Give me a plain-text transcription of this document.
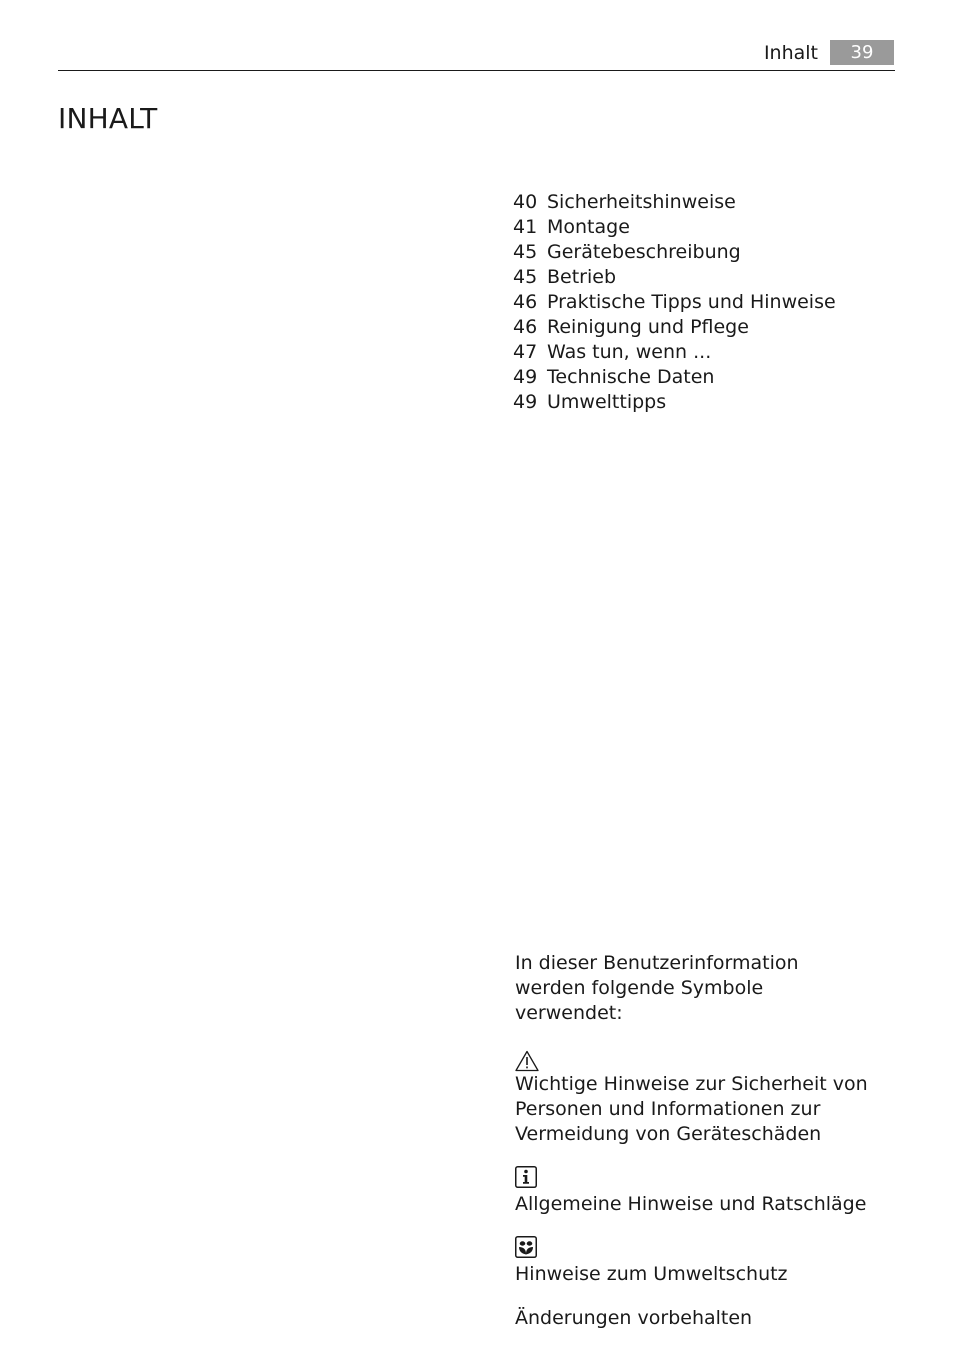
Inhalt	39
INHALT
40 Sicherheitshinweise
41 Montage
45 Gerätebeschreibung
45 Betrieb
46 Praktische Tipps und Hinweise
46 Reinigung und Pflege
47 Was tun, wenn ...
49 Technische Daten
49 Umwelttipps

In dieser Benutzerinformation werden folgende Symbole verwendet:

Wichtige Hinweise zur Sicherheit von Personen und Informationen zur Vermeidung von Geräteschäden

Allgemeine Hinweise und Ratschläge

Hinweise zum Umweltschutz

Änderungen vorbehalten
